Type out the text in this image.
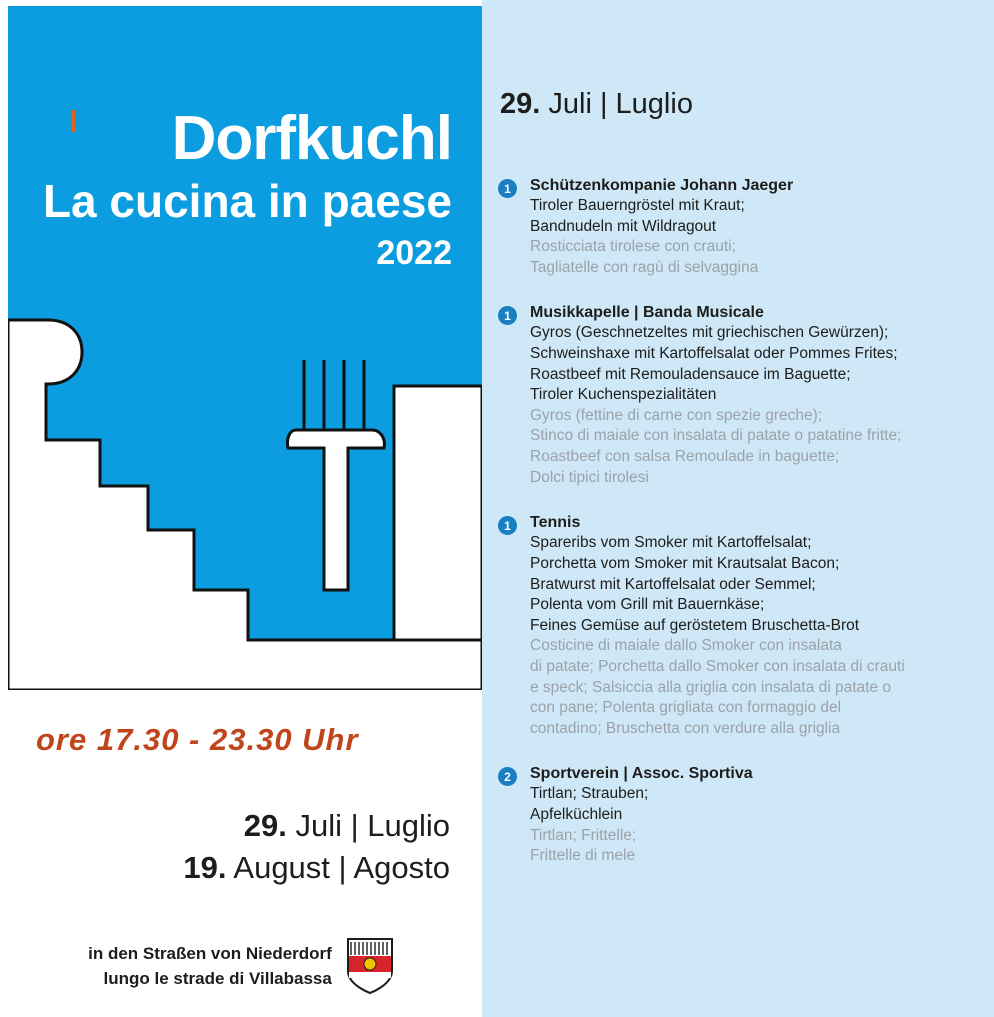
Dorfkuchl
La cucina in paese
2022
ore 17.30 - 23.30 Uhr
29. Juli | Luglio
19. August | Agosto
in den Straßen von Niederdorf
lungo le strade di Villabassa
29. Juli | Luglio
1	Schützenkompanie Johann Jaeger
Tiroler Bauerngröstel mit Kraut;
Bandnudeln mit Wildragout
Rosticciata tirolese con crauti;
Tagliatelle con ragù di selvaggina
1	Musikkapelle | Banda Musicale
Gyros (Geschnetzeltes mit griechischen Gewürzen);
Schweinshaxe mit Kartoffelsalat oder Pommes Frites;
Roastbeef mit Remouladensauce im Baguette;
Tiroler Kuchenspezialitäten
Gyros (fettine di carne con spezie greche);
Stinco di maiale con insalata di patate o patatine fritte;
Roastbeef con salsa Remoulade in baguette;
Dolci tipici tirolesi
1	Tennis
Spareribs vom Smoker mit Kartoffelsalat;
Porchetta vom Smoker mit Krautsalat Bacon;
Bratwurst mit Kartoffelsalat oder Semmel;
Polenta vom Grill mit Bauernkäse;
Feines Gemüse auf geröstetem Bruschetta-Brot
Costicine di maiale dallo Smoker con insalata
di patate; Porchetta dallo Smoker con insalata di crauti
e speck; Salsiccia alla griglia con insalata di patate o
con pane; Polenta grigliata con formaggio del
contadino; Bruschetta con verdure alla griglia
2	Sportverein | Assoc. Sportiva
Tirtlan; Strauben;
Apfelküchlein
Tirtlan; Frittelle;
Frittelle di mele
